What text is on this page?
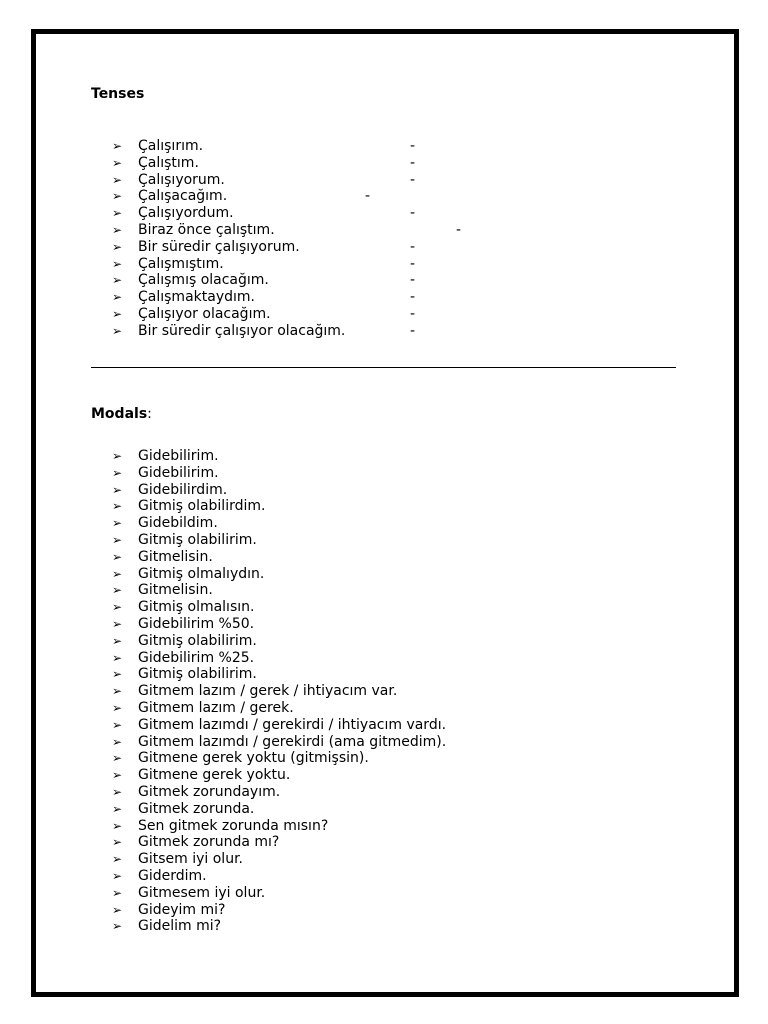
Tenses
➢	Çalışırım.	-
➢	Çalıştım.	-
➢	Çalışıyorum.	-
➢	Çalışacağım.	-
➢	Çalışıyordum.	-
➢	Biraz önce çalıştım.	-
➢	Bir süredir çalışıyorum.	-
➢	Çalışmıştım.	-
➢	Çalışmış olacağım.	-
➢	Çalışmaktaydım.	-
➢	Çalışıyor olacağım.	-
➢	Bir süredir çalışıyor olacağım.	-
Modals:
➢	Gidebilirim.
➢	Gidebilirim.
➢	Gidebilirdim.
➢	Gitmiş olabilirdim.
➢	Gidebildim.
➢	Gitmiş olabilirim.
➢	Gitmelisin.
➢	Gitmiş olmalıydın.
➢	Gitmelisin.
➢	Gitmiş olmalısın.
➢	Gidebilirim %50.
➢	Gitmiş olabilirim.
➢	Gidebilirim %25.
➢	Gitmiş olabilirim.
➢	Gitmem lazım / gerek / ihtiyacım var.
➢	Gitmem lazım / gerek.
➢	Gitmem lazımdı / gerekirdi / ihtiyacım vardı.
➢	Gitmem lazımdı / gerekirdi (ama gitmedim).
➢	Gitmene gerek yoktu (gitmişsin).
➢	Gitmene gerek yoktu.
➢	Gitmek zorundayım.
➢	Gitmek zorunda.
➢	Sen gitmek zorunda mısın?
➢	Gitmek zorunda mı?
➢	Gitsem iyi olur.
➢	Giderdim.
➢	Gitmesem iyi olur.
➢	Gideyim mi?
➢	Gidelim mi?
